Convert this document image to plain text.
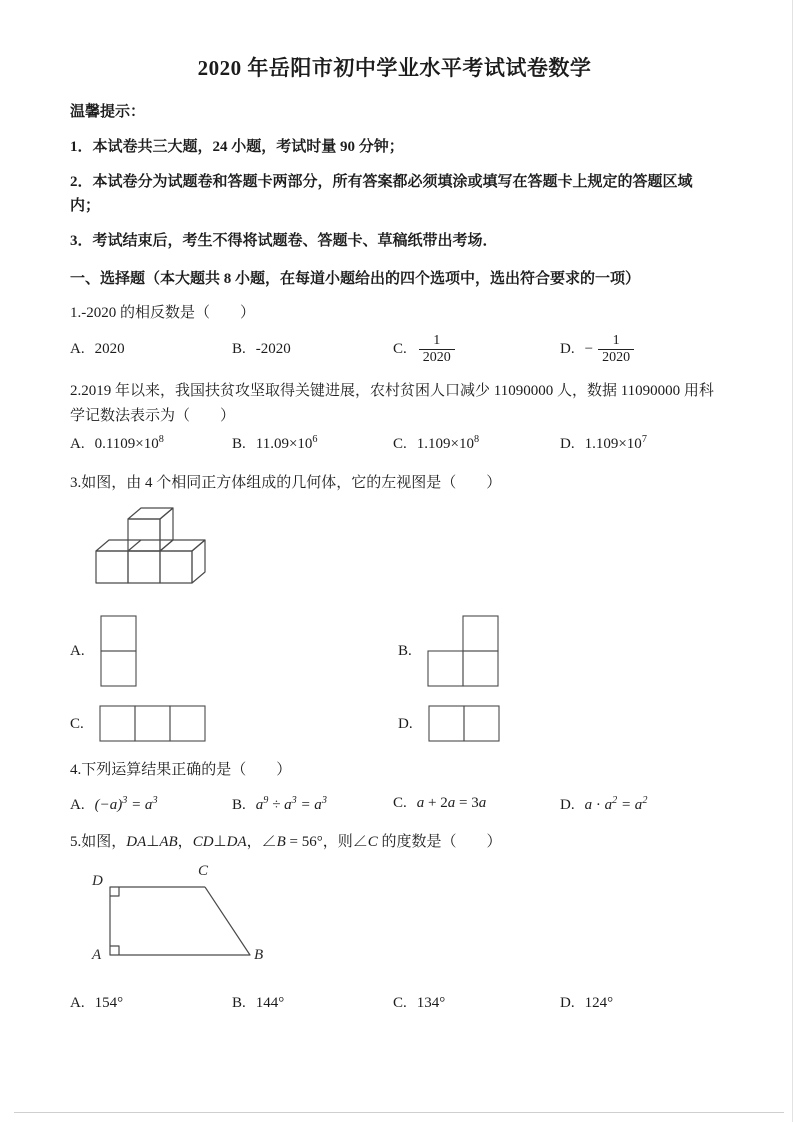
2020 年岳阳市初中学业水平考试试卷数学

温馨提示：

1．本试卷共三大题，24 小题，考试时量 90 分钟；

2．本试卷分为试题卷和答题卡两部分，所有答案都必须填涂或填写在答题卡上规定的答题区域内；

3．考试结束后，考生不得将试题卷、答题卡、草稿纸带出考场．

一、选择题（本大题共 8 小题，在每道小题给出的四个选项中，选出符合要求的一项）

1.-2020 的相反数是（　　）

A. 2020	B. -2020	C. $\frac{1}{2020}$	D. − $\frac{1}{2020}$

2.2019 年以来，我国扶贫攻坚取得关键进展，农村贫困人口减少 11090000 人，数据 11090000 用科学记数法表示为（　　）

A. $0.1109\times 10^8$	B. $11.09\times 10^6$	C. $1.109\times 10^8$	D. $1.109\times 10^7$

3.如图，由 4 个相同正方体组成的几何体，它的左视图是（　　）

A.	B.
C.	D.

4.下列运算结果正确的是（　　）

A. $(-a)^3 = a^3$	B. $a^9 \div a^3 = a^3$	C. a + 2a = 3a	D. $a \cdot a^2 = a^2$

5.如图，DA⊥AB，CD⊥DA，∠B = 56°，则∠C 的度数是（　　）

D
C
A	B
A. 154°	B. 144°	C. 134°	D. 124°
